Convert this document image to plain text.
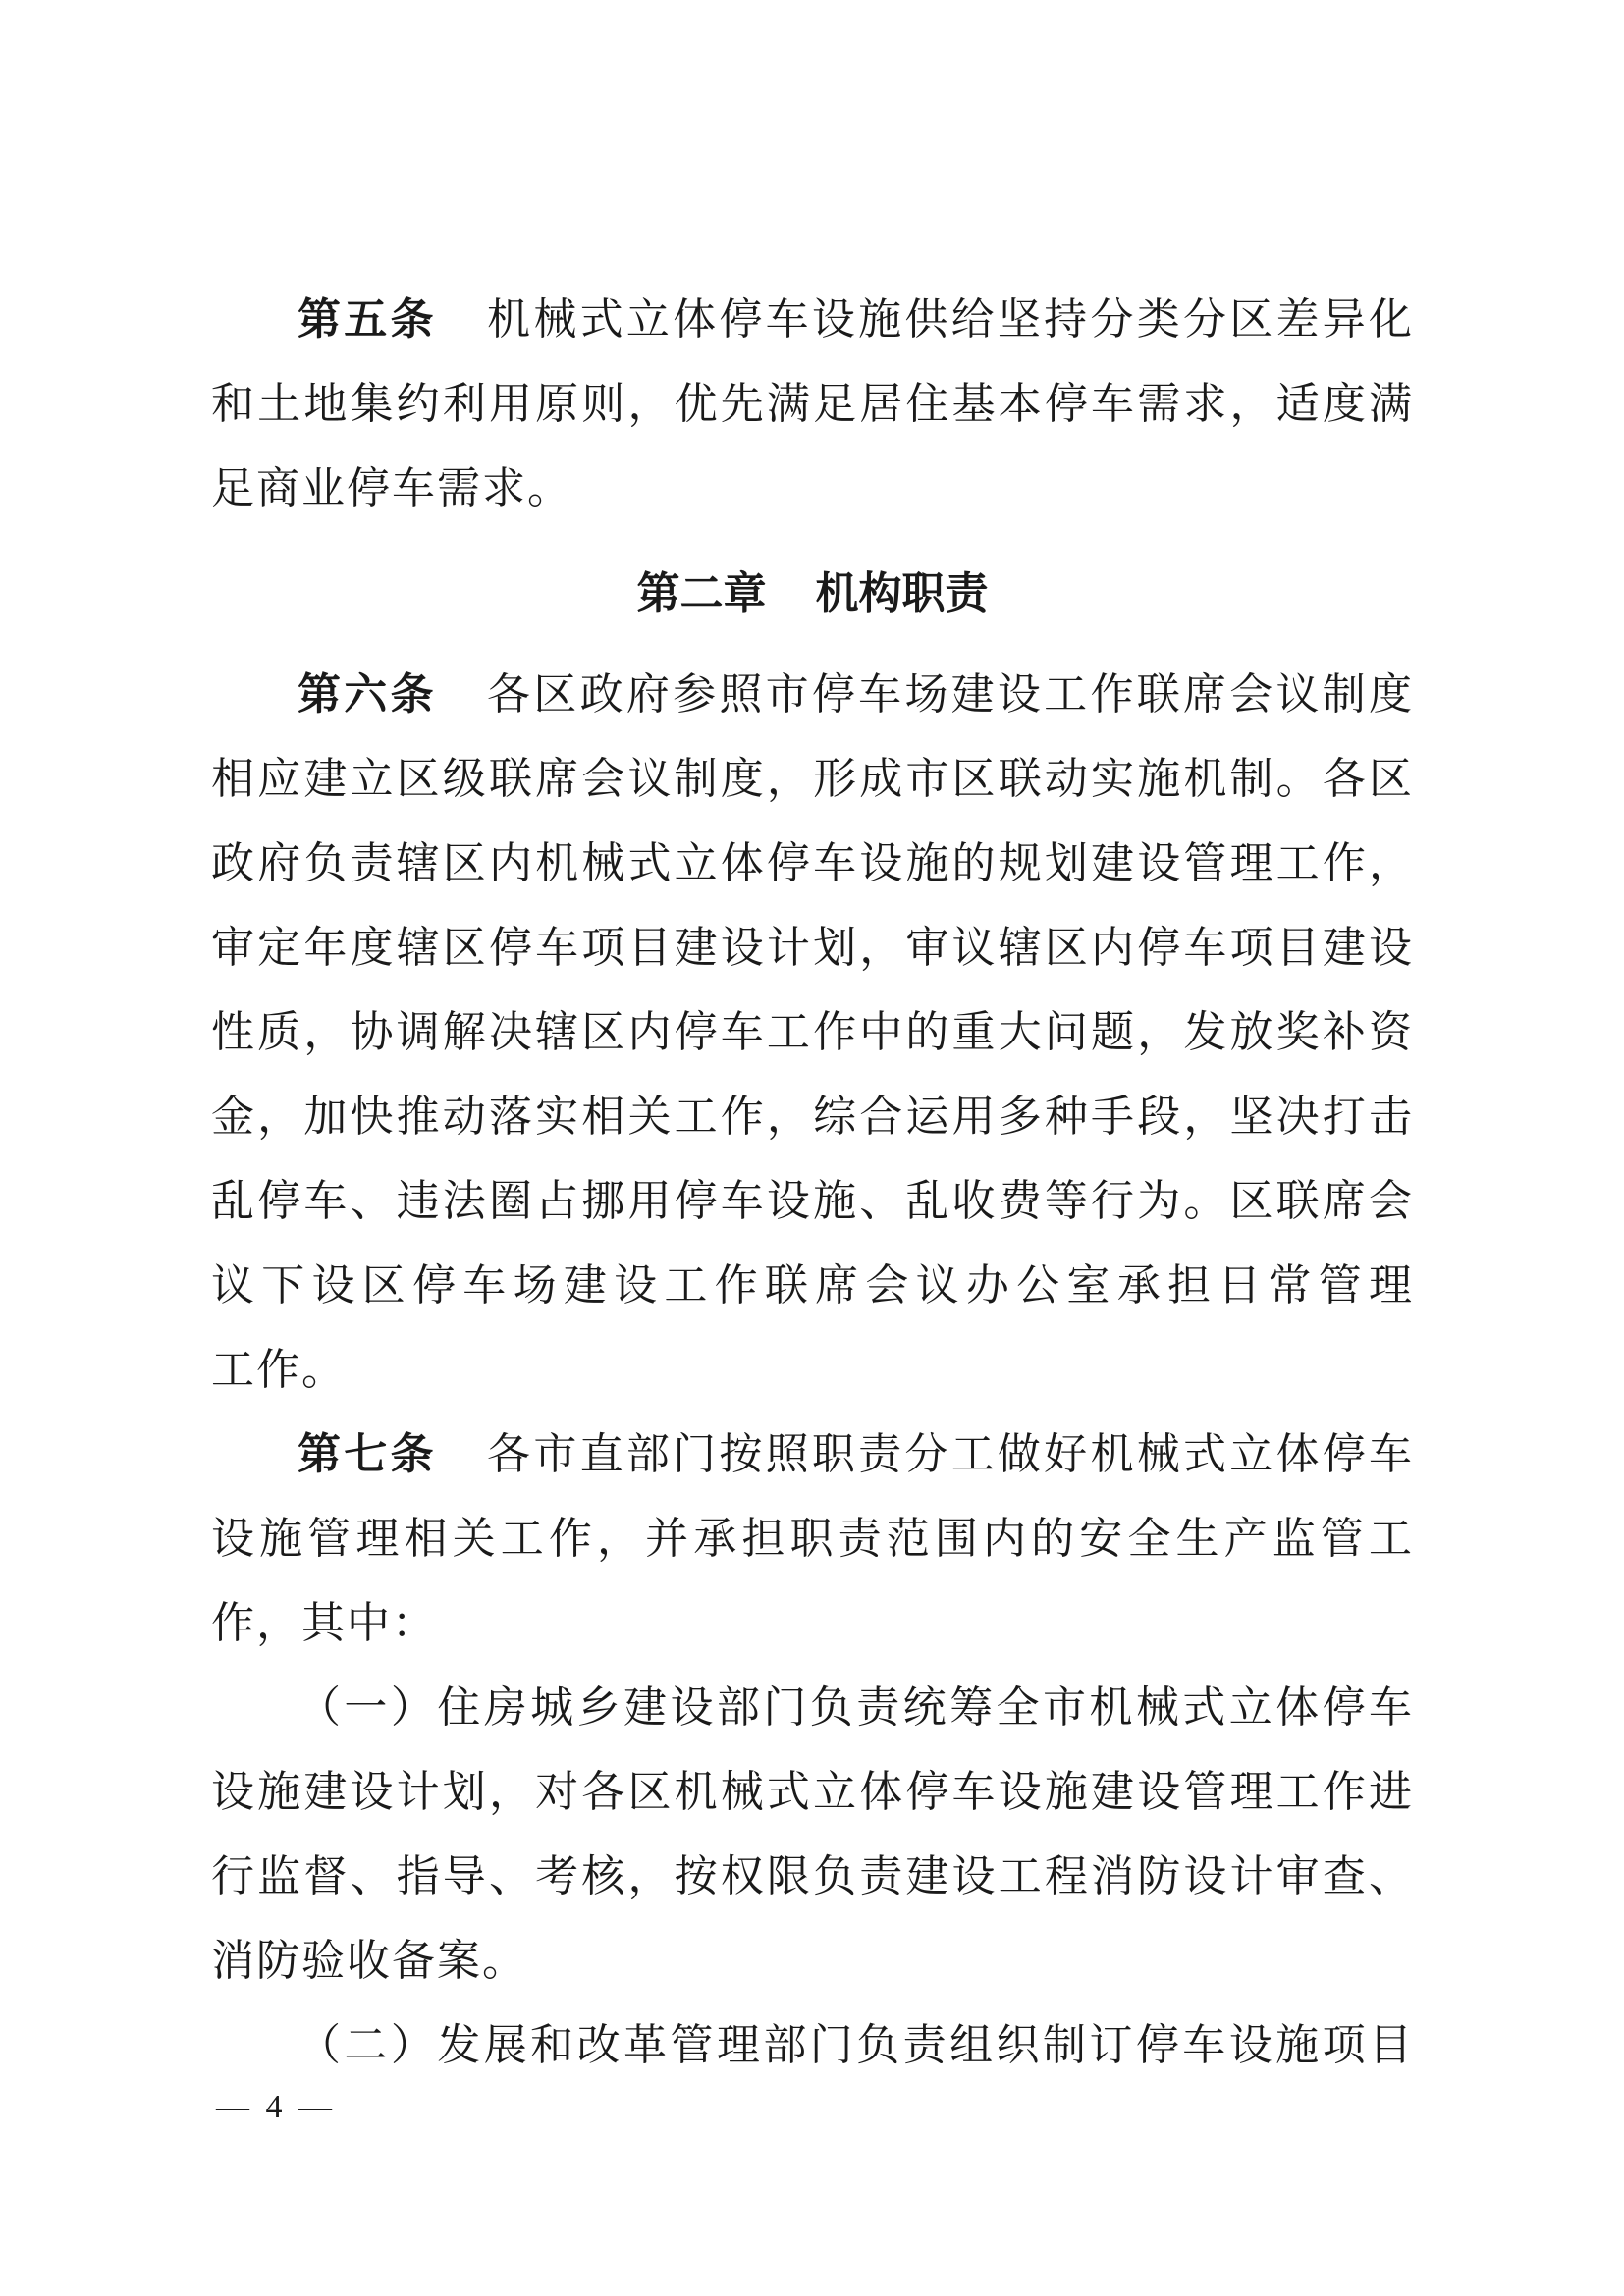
第五条 机械式立体停车设施供给坚持分类分区差异化
和土地集约利用原则，优先满足居住基本停车需求，适度满
足商业停车需求。
第二章 机构职责
第六条 各区政府参照市停车场建设工作联席会议制度
相应建立区级联席会议制度，形成市区联动实施机制。各区
政府负责辖区内机械式立体停车设施的规划建设管理工作，
审定年度辖区停车项目建设计划，审议辖区内停车项目建设
性质，协调解决辖区内停车工作中的重大问题，发放奖补资
金，加快推动落实相关工作，综合运用多种手段，坚决打击
乱停车、违法圈占挪用停车设施、乱收费等行为。区联席会
议下设区停车场建设工作联席会议办公室承担日常管理
工作。
第七条 各市直部门按照职责分工做好机械式立体停车
设施管理相关工作，并承担职责范围内的安全生产监管工
作，其中：
（一）住房城乡建设部门负责统筹全市机械式立体停车
设施建设计划，对各区机械式立体停车设施建设管理工作进
行监督、指导、考核，按权限负责建设工程消防设计审查、
消防验收备案。
（二）发展和改革管理部门负责组织制订停车设施项目
— 4 —
